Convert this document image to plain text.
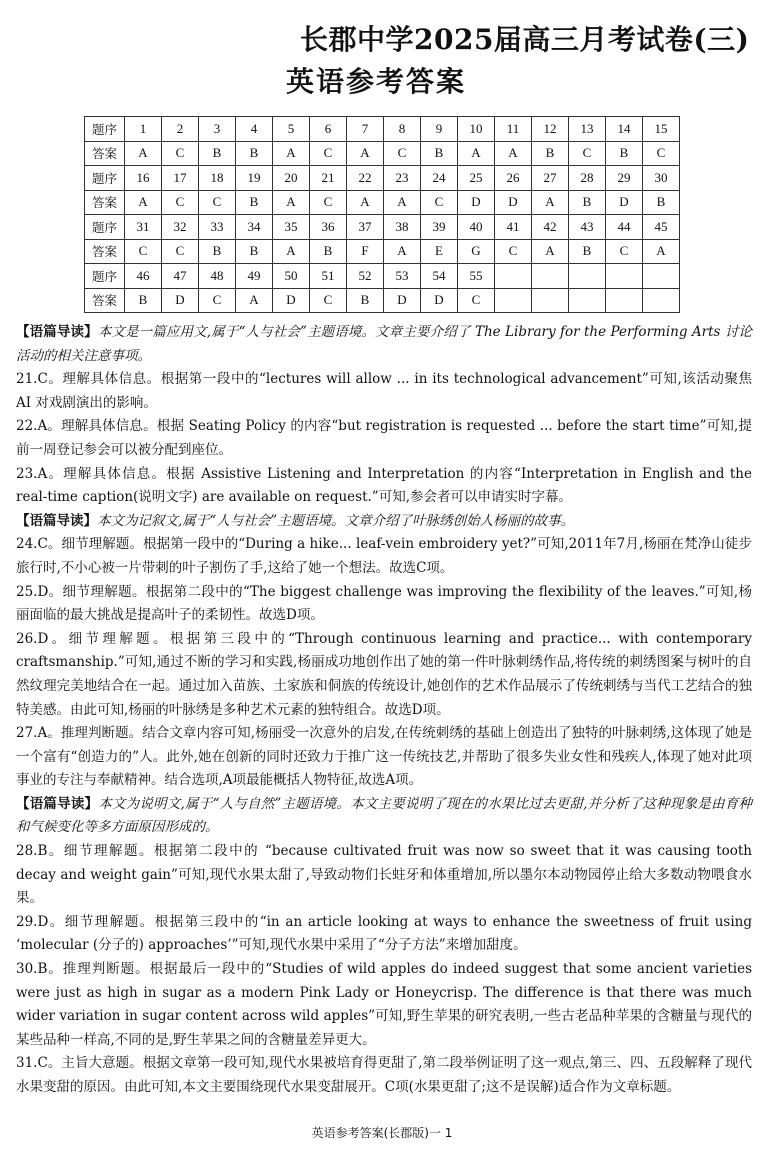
长郡中学2025届高三月考试卷(三)
英语参考答案
题序	1	2	3	4	5	6	7	8	9	10	11	12	13	14	15
答案	A	C	B	B	A	C	A	C	B	A	A	B	C	B	C
题序	16	17	18	19	20	21	22	23	24	25	26	27	28	29	30
答案	A	C	C	B	A	C	A	A	C	D	D	A	B	D	B
题序	31	32	33	34	35	36	37	38	39	40	41	42	43	44	45
答案	C	C	B	B	A	B	F	A	E	G	C	A	B	C	A
题序	46	47	48	49	50	51	52	53	54	55					
答案	B	D	C	A	D	C	B	D	D	C					

【语篇导读】本文是一篇应用文,属于“人与社会”主题语境。文章主要介绍了 The Library for the Performing Arts 讨论活动的相关注意事项。

21.C。理解具体信息。根据第一段中的“lectures will allow ... in its technological advancement”可知,该活动聚焦 AI 对戏剧演出的影响。

22.A。理解具体信息。根据 Seating Policy 的内容“but registration is requested ... before the start time”可知,提前一周登记参会可以被分配到座位。

23.A。理解具体信息。根据 Assistive Listening and Interpretation 的内容“Interpretation in English and the real-time caption(说明文字) are available on request.”可知,参会者可以申请实时字幕。

【语篇导读】本文为记叙文,属于“人与社会”主题语境。文章介绍了叶脉绣创始人杨丽的故事。

24.C。细节理解题。根据第一段中的“During a hike... leaf-vein embroidery yet?”可知,2011年7月,杨丽在梵净山徒步旅行时,不小心被一片带刺的叶子割伤了手,这给了她一个想法。故选C项。

25.D。细节理解题。根据第二段中的“The biggest challenge was improving the flexibility of the leaves.”可知,杨丽面临的最大挑战是提高叶子的柔韧性。故选D项。

26.D。细节理解题。根据第三段中的“Through continuous learning and practice... with contemporary craftsmanship.”可知,通过不断的学习和实践,杨丽成功地创作出了她的第一件叶脉刺绣作品,将传统的刺绣图案与树叶的自然纹理完美地结合在一起。通过加入苗族、土家族和侗族的传统设计,她创作的艺术作品展示了传统刺绣与当代工艺结合的独特美感。由此可知,杨丽的叶脉绣是多种艺术元素的独特组合。故选D项。

27.A。推理判断题。结合文章内容可知,杨丽受一次意外的启发,在传统刺绣的基础上创造出了独特的叶脉刺绣,这体现了她是一个富有“创造力的”人。此外,她在创新的同时还致力于推广这一传统技艺,并帮助了很多失业女性和残疾人,体现了她对此项事业的专注与奉献精神。结合选项,A项最能概括人物特征,故选A项。

【语篇导读】本文为说明文,属于“人与自然”主题语境。本文主要说明了现在的水果比过去更甜,并分析了这种现象是由育种和气候变化等多方面原因形成的。

28.B。细节理解题。根据第二段中的 “because cultivated fruit was now so sweet that it was causing tooth decay and weight gain”可知,现代水果太甜了,导致动物们长蛀牙和体重增加,所以墨尔本动物园停止给大多数动物喂食水果。

29.D。细节理解题。根据第三段中的“in an article looking at ways to enhance the sweetness of fruit using ‘molecular (分子的) approaches’”可知,现代水果中采用了“分子方法”来增加甜度。

30.B。推理判断题。根据最后一段中的“Studies of wild apples do indeed suggest that some ancient varieties were just as high in sugar as a modern Pink Lady or Honeycrisp. The difference is that there was much wider variation in sugar content across wild apples”可知,野生苹果的研究表明,一些古老品种苹果的含糖量与现代的某些品种一样高,不同的是,野生苹果之间的含糖量差异更大。

31.C。主旨大意题。根据文章第一段可知,现代水果被培育得更甜了,第二段举例证明了这一观点,第三、四、五段解释了现代水果变甜的原因。由此可知,本文主要围绕现代水果变甜展开。C项(水果更甜了;这不是误解)适合作为文章标题。

英语参考答案(长郡版)一 1
